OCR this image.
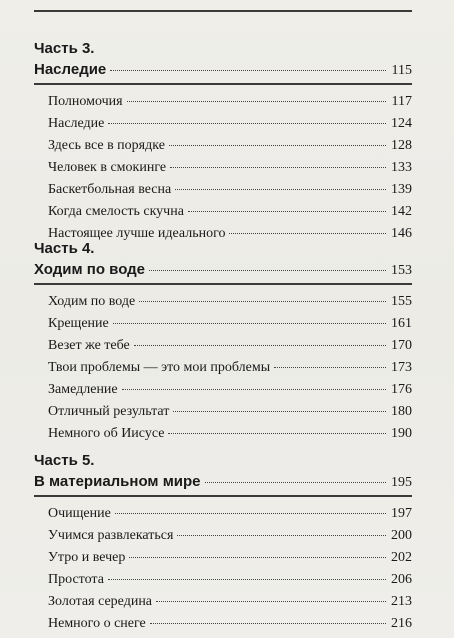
Часть 3.
Наследие	115
Полномочия	117
Наследие	124
Здесь все в порядке	128
Человек в смокинге	133
Баскетбольная весна	139
Когда смелость скучна	142
Настоящее лучше идеального	146
Часть 4.
Ходим по воде	153
Ходим по воде	155
Крещение	161
Везет же тебе	170
Твои проблемы — это мои проблемы	173
Замедление	176
Отличный результат	180
Немного об Иисусе	190
Часть 5.
В материальном мире	195
Очищение	197
Учимся развлекаться	200
Утро и вечер	202
Простота	206
Золотая середина	213
Немного о снеге	216
